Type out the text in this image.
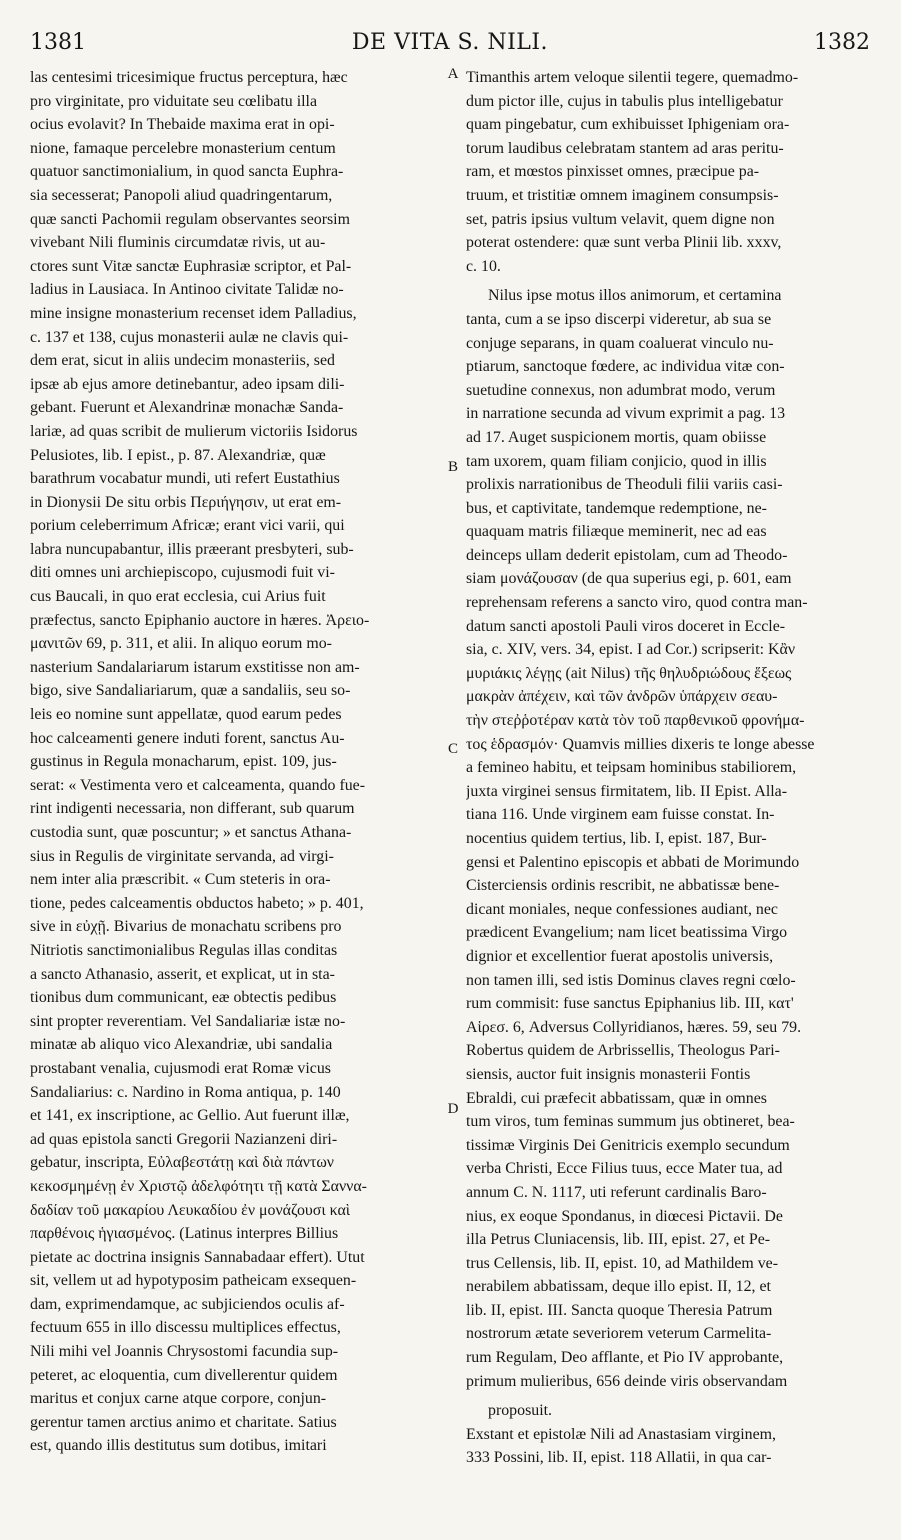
1381	DE VITA S. NILI.	1382
las centesimi tricesimique fructus perceptura, hæc
pro virginitate, pro viduitate seu cœlibatu illa
ocius evolavit? In Thebaide maxima erat in opi-
nione, famaque percelebre monasterium centum
quatuor sanctimonialium, in quod sancta Euphra-
sia secesserat; Panopoli aliud quadringentarum,
quæ sancti Pachomii regulam observantes seorsim
vivebant Nili fluminis circumdatæ rivis, ut au-
ctores sunt Vitæ sanctæ Euphrasiæ scriptor, et Pal-
ladius in Lausiaca. In Antinoo civitate Talidæ no-
mine insigne monasterium recenset idem Palladius,
c. 137 et 138, cujus monasterii aulæ ne clavis qui-
dem erat, sicut in aliis undecim monasteriis, sed
ipsæ ab ejus amore detinebantur, adeo ipsam dili-
gebant. Fuerunt et Alexandrinæ monachæ Sanda-
lariæ, ad quas scribit de mulierum victoriis Isidorus
Pelusiotes, lib. I epist., p. 87. Alexandriæ, quæ
barathrum vocabatur mundi, uti refert Eustathius
in Dionysii De situ orbis Περιήγησιν, ut erat em-
porium celeberrimum Africæ; erant vici varii, qui
labra nuncupabantur, illis præerant presbyteri, sub-
diti omnes uni archiepiscopo, cujusmodi fuit vi-
cus Baucali, in quo erat ecclesia, cui Arius fuit
præfectus, sancto Epiphanio auctore in hæres. Ἀρειο-
μανιτῶν 69, p. 311, et alii. In aliquo eorum mo-
nasterium Sandalariarum istarum exstitisse non am-
bigo, sive Sandaliariarum, quæ a sandaliis, seu so-
leis eo nomine sunt appellatæ, quod earum pedes
hoc calceamenti genere induti forent, sanctus Au-
gustinus in Regula monacharum, epist. 109, jus-
serat: « Vestimenta vero et calceamenta, quando fue-
rint indigenti necessaria, non differant, sub quarum
custodia sunt, quæ poscuntur; » et sanctus Athana-
sius in Regulis de virginitate servanda, ad virgi-
nem inter alia præscribit. « Cum steteris in ora-
tione, pedes calceamentis obductos habeto; » p. 401,
sive in εὐχῇ. Bivarius de monachatu scribens pro
Nitriotis sanctimonialibus Regulas illas conditas
a sancto Athanasio, asserit, et explicat, ut in sta-
tionibus dum communicant, eæ obtectis pedibus
sint propter reverentiam. Vel Sandaliariæ istæ no-
minatæ ab aliquo vico Alexandriæ, ubi sandalia
prostabant venalia, cujusmodi erat Romæ vicus
Sandaliarius: c. Nardino in Roma antiqua, p. 140
et 141, ex inscriptione, ac Gellio. Aut fuerunt illæ,
ad quas epistola sancti Gregorii Nazianzeni diri-
gebatur, inscripta, Εὐλαβεστάτῃ καὶ διὰ πάντων
κεκοσμημένῃ ἐν Χριστῷ ἀδελφότητι τῇ κατὰ Σαννα-
δαδίαν τοῦ μακαρίου Λευκαδίου ἐν μονάζουσι καὶ
παρθένοις ἡγιασμένος. (Latinus interpres Billius
pietate ac doctrina insignis Sannabadaar effert). Utut
sit, vellem ut ad hypotyposim patheicam exsequen-
dam, exprimendamque, ac subjiciendos oculis af-
fectuum 655 in illo discessu multiplices effectus,
Nili mihi vel Joannis Chrysostomi facundia sup-
peteret, ac eloquentia, cum divellerentur quidem
maritus et conjux carne atque corpore, conjun-
gerentur tamen arctius animo et charitate. Satius
est, quando illis destitutus sum dotibus, imitari
Timanthis artem veloque silentii tegere, quemadmo-
dum pictor ille, cujus in tabulis plus intelligebatur
quam pingebatur, cum exhibuisset Iphigeniam ora-
torum laudibus celebratam stantem ad aras peritu-
ram, et mœstos pinxisset omnes, præcipue pa-
truum, et tristitiæ omnem imaginem consumpsis-
set, patris ipsius vultum velavit, quem digne non
poterat ostendere: quæ sunt verba Plinii lib. xxxv,
c. 10.
Nilus ipse motus illos animorum, et certamina
tanta, cum a se ipso discerpi videretur, ab sua se
conjuge separans, in quam coaluerat vinculo nu-
ptiarum, sanctoque fœdere, ac individua vitæ con-
suetudine connexus, non adumbrat modo, verum
in narratione secunda ad vivum exprimit a pag. 13
ad 17. Auget suspicionem mortis, quam obiisse
tam uxorem, quam filiam conjicio, quod in illis
prolixis narrationibus de Theoduli filii variis casi-
bus, et captivitate, tandemque redemptione, ne-
quaquam matris filiæque meminerit, nec ad eas
deinceps ullam dederit epistolam, cum ad Theodo-
siam μονάζουσαν (de qua superius egi, p. 601, eam
reprehensam referens a sancto viro, quod contra man-
datum sancti apostoli Pauli viros doceret in Eccle-
sia, c. XIV, vers. 34, epist. I ad Cor.) scripserit: Κἂν
μυριάκις λέγῃς (ait Nilus) τῆς θηλυδριώδους ἕξεως
μακρὰν ἀπέχειν, καὶ τῶν ἀνδρῶν ὑπάρχειν σεαυ-
τὴν στεῤῥοτέραν κατὰ τὸν τοῦ παρθενικοῦ φρονήμα-
τος ἑδρασμόν· Quamvis millies dixeris te longe abesse
a femineo habitu, et teipsam hominibus stabiliorem,
juxta virginei sensus firmitatem, lib. II Epist. Alla-
tiana 116. Unde virginem eam fuisse constat. In-
nocentius quidem tertius, lib. I, epist. 187, Bur-
gensi et Palentino episcopis et abbati de Morimundo
Cisterciensis ordinis rescribit, ne abbatissæ bene-
dicant moniales, neque confessiones audiant, nec
prædicent Evangelium; nam licet beatissima Virgo
dignior et excellentior fuerat apostolis universis,
non tamen illi, sed istis Dominus claves regni cœlo-
rum commisit: fuse sanctus Epiphanius lib. III, κατ'
Αἱρεσ. 6, Adversus Collyridianos, hæres. 59, seu 79.
Robertus quidem de Arbrissellis, Theologus Pari-
siensis, auctor fuit insignis monasterii Fontis
Ebraldi, cui præfecit abbatissam, quæ in omnes
tum viros, tum feminas summum jus obtineret, bea-
tissimæ Virginis Dei Genitricis exemplo secundum
verba Christi, Ecce Filius tuus, ecce Mater tua, ad
annum C. N. 1117, uti referunt cardinalis Baro-
nius, ex eoque Spondanus, in diœcesi Pictavii. De
illa Petrus Cluniacensis, lib. III, epist. 27, et Pe-
trus Cellensis, lib. II, epist. 10, ad Mathildem ve-
nerabilem abbatissam, deque illo epist. II, 12, et
lib. II, epist. III. Sancta quoque Theresia Patrum
nostrorum ætate severiorem veterum Carmelita-
rum Regulam, Deo afflante, et Pio IV approbante,
primum mulieribus, 656 deinde viris observandam
proposuit.
Exstant et epistolæ Nili ad Anastasiam virginem,
333 Possini, lib. II, epist. 118 Allatii, in qua car-
A
B
C
D
